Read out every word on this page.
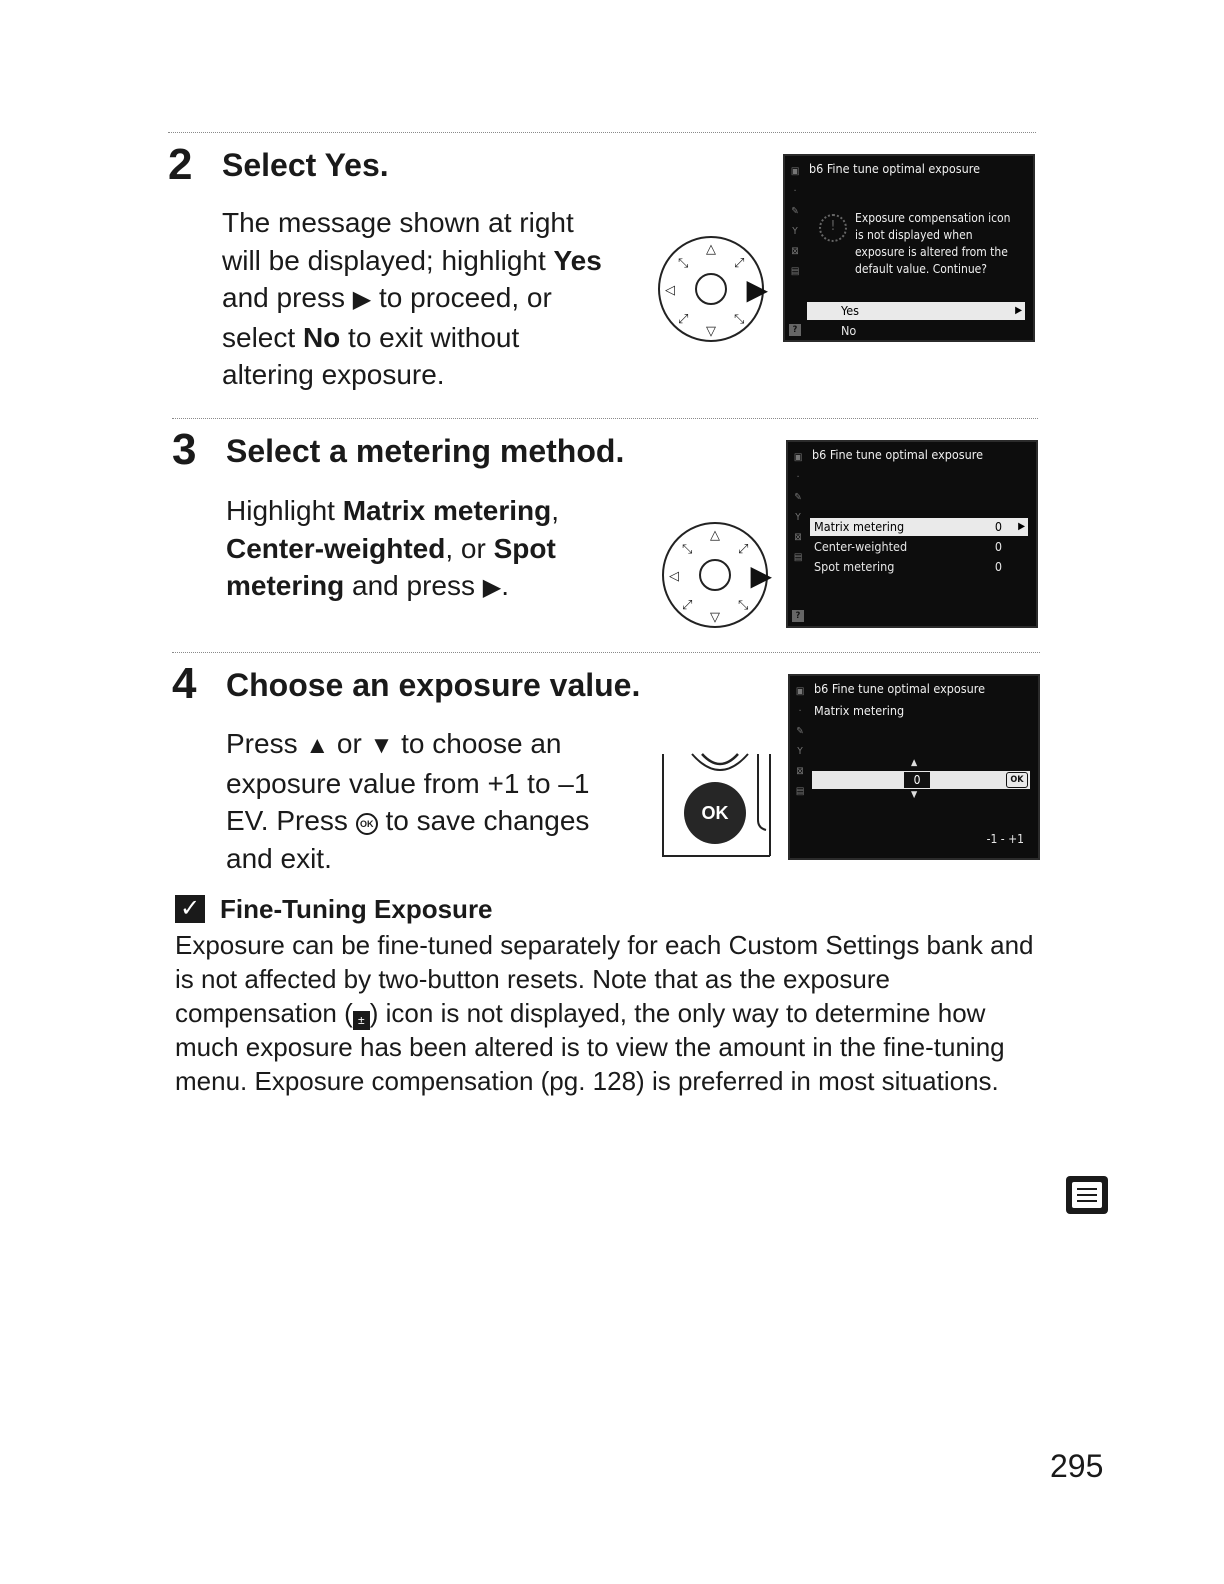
2 Select Yes.
The message shown at right
will be displayed; highlight Yes
and press ▶ to proceed, or
select No to exit without
altering exposure.
△
▽
◁
⤡	⤢
⤢	⤡
▶
b6 Fine tune optimal exposure
▣
·
✎
Y
⊠
▤
!
Exposure compensation icon
is not displayed when
exposure is altered from the
default value. Continue?
Yes	▶
No
?
3 Select a metering method.
Highlight Matrix metering,
Center-weighted, or Spot
metering and press ▶.
△
▽
◁
⤡	⤢
⤢	⤡
▶
b6 Fine tune optimal exposure
▣
·
✎
Y
⊠
▤
Matrix metering	0 ▶
Center-weighted	0
Spot metering	0
?
4 Choose an exposure value.
Press ▲ or ▼ to choose an
exposure value from +1 to –1
EV. Press OK to save changes
and exit.
OK
b6 Fine tune optimal exposure
Matrix metering
▣
·
✎
Y
⊠
▤
▲
0	OK
▼
-1 - +1
✓ Fine-Tuning Exposure
Exposure can be fine-tuned separately for each Custom Settings bank and
is not affected by two-button resets. Note that as the exposure
compensation ( ± ) icon is not displayed, the only way to determine how
much exposure has been altered is to view the amount in the fine-tuning
menu. Exposure compensation (pg. 128) is preferred in most situations.
295
